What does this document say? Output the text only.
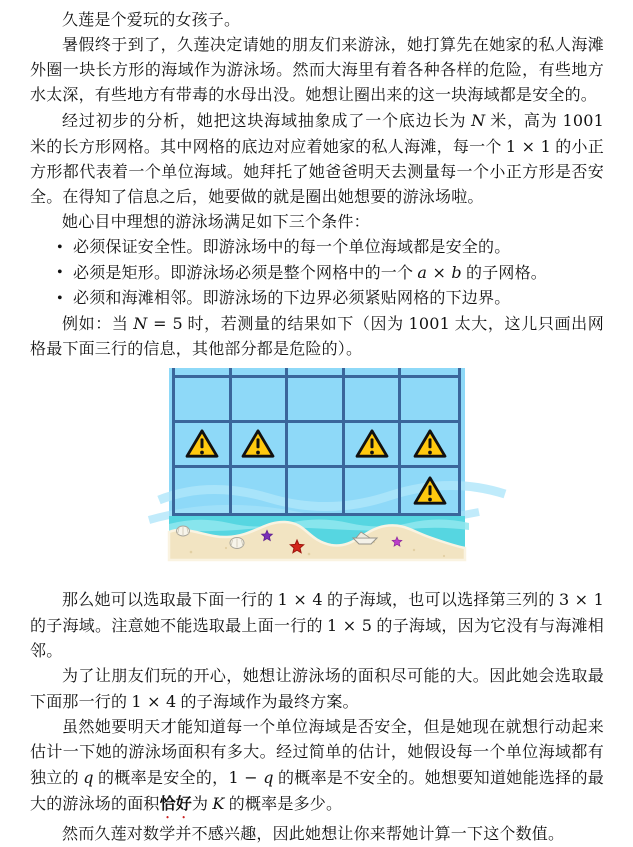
久莲是个爱玩的女孩子。

暑假终于到了，久莲决定请她的朋友们来游泳，她打算先在她家的私人海滩外圈一块长方形的海域作为游泳场。然而大海里有着各种各样的危险，有些地方水太深，有些地方有带毒的水母出没。她想让圈出来的这一块海域都是安全的。

经过初步的分析，她把这块海域抽象成了一个底边长为 N 米，高为 1001 米的长方形网格。其中网格的底边对应着她家的私人海滩，每一个 1 × 1 的小正方形都代表着一个单位海域。她拜托了她爸爸明天去测量每一个小正方形是否安全。在得知了信息之后，她要做的就是圈出她想要的游泳场啦。

她心目中理想的游泳场满足如下三个条件：

• 必须保证安全性。即游泳场中的每一个单位海域都是安全的。
• 必须是矩形。即游泳场必须是整个网格中的一个 a × b 的子网格。
• 必须和海滩相邻。即游泳场的下边界必须紧贴网格的下边界。

例如：当 N = 5 时，若测量的结果如下（因为 1001 太大，这儿只画出网格最下面三行的信息，其他部分都是危险的）。

那么她可以选取最下面一行的 1 × 4 的子海域，也可以选择第三列的 3 × 1 的子海域。注意她不能选取最上面一行的 1 × 5 的子海域，因为它没有与海滩相邻。

为了让朋友们玩的开心，她想让游泳场的面积尽可能的大。因此她会选取最下面那一行的 1 × 4 的子海域作为最终方案。

虽然她要明天才能知道每一个单位海域是否安全，但是她现在就想行动起来估计一下她的游泳场面积有多大。经过简单的估计，她假设每一个单位海域都有独立的 q 的概率是安全的，1 − q 的概率是不安全的。她想要知道她能选择的最大的游泳场的面积恰好为 K 的概率是多少。

然而久莲对数学并不感兴趣，因此她想让你来帮她计算一下这个数值。
